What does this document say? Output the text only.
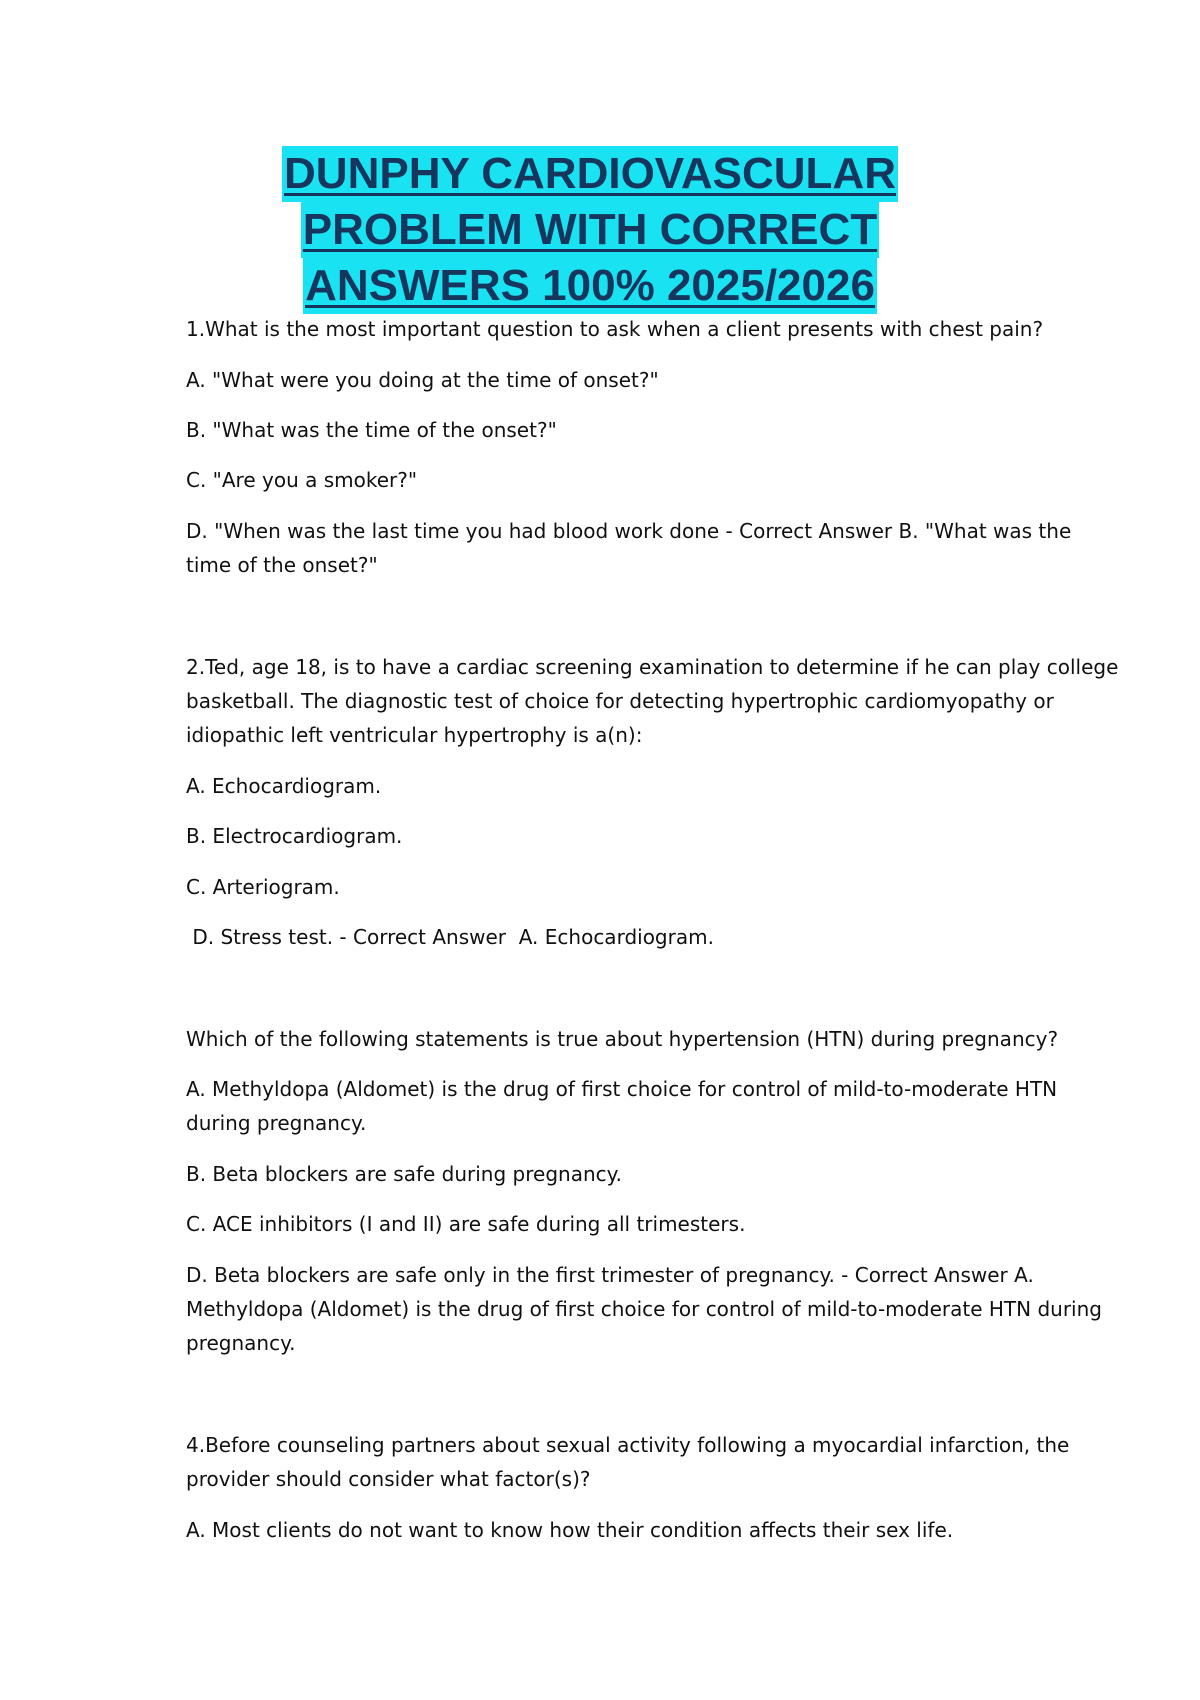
DUNPHY CARDIOVASCULAR
PROBLEM WITH CORRECT
ANSWERS 100% 2025/2026
1.What is the most important question to ask when a client presents with chest pain?
A. "What were you doing at the time of onset?"
B. "What was the time of the onset?"
C. "Are you a smoker?"
D. "When was the last time you had blood work done - Correct Answer B. "What was the
time of the onset?"
2.Ted, age 18, is to have a cardiac screening examination to determine if he can play college
basketball. The diagnostic test of choice for detecting hypertrophic cardiomyopathy or
idiopathic left ventricular hypertrophy is a(n):
A. Echocardiogram.
B. Electrocardiogram.
C. Arteriogram.
D. Stress test. - Correct Answer  A. Echocardiogram.
Which of the following statements is true about hypertension (HTN) during pregnancy?
A. Methyldopa (Aldomet) is the drug of first choice for control of mild-to-moderate HTN
during pregnancy.
B. Beta blockers are safe during pregnancy.
C. ACE inhibitors (I and II) are safe during all trimesters.
D. Beta blockers are safe only in the first trimester of pregnancy. - Correct Answer A.
Methyldopa (Aldomet) is the drug of first choice for control of mild-to-moderate HTN during
pregnancy.
4.Before counseling partners about sexual activity following a myocardial infarction, the
provider should consider what factor(s)?
A. Most clients do not want to know how their condition affects their sex life.
